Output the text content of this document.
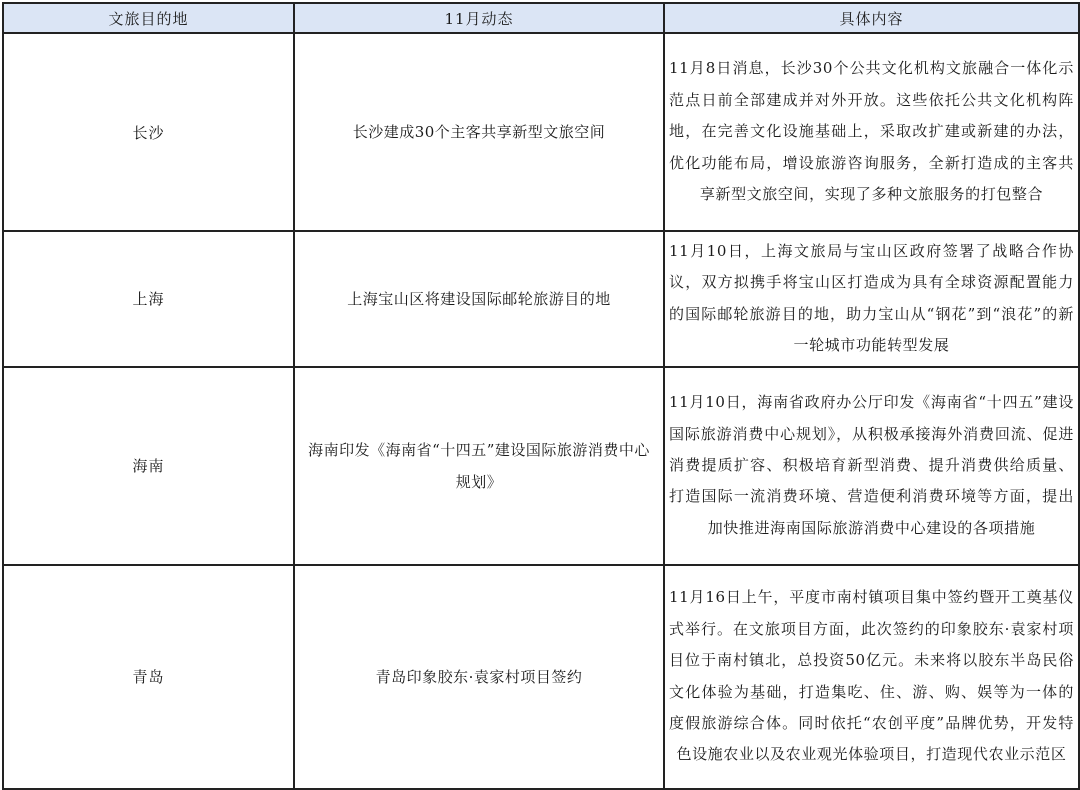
文旅目的地	11月动态	具体内容
长沙	长沙建成30个主客共享新型文旅空间	11月8日消息，长沙30个公共文化机构文旅融合一体化示范点日前全部建成并对外开放。这些依托公共文化机构阵地，在完善文化设施基础上，采取改扩建或新建的办法，优化功能布局，增设旅游咨询服务，全新打造成的主客共享新型文旅空间，实现了多种文旅服务的打包整合
上海	上海宝山区将建设国际邮轮旅游目的地	11月10日，上海文旅局与宝山区政府签署了战略合作协议，双方拟携手将宝山区打造成为具有全球资源配置能力的国际邮轮旅游目的地，助力宝山从“钢花”到“浪花”的新一轮城市功能转型发展
海南	海南印发《海南省“十四五”建设国际旅游消费中心规划》	11月10日，海南省政府办公厅印发《海南省“十四五”建设国际旅游消费中心规划》，从积极承接海外消费回流、促进消费提质扩容、积极培育新型消费、提升消费供给质量、打造国际一流消费环境、营造便利消费环境等方面，提出加快推进海南国际旅游消费中心建设的各项措施
青岛	青岛印象胶东·袁家村项目签约	11月16日上午，平度市南村镇项目集中签约暨开工奠基仪式举行。在文旅项目方面，此次签约的印象胶东·袁家村项目位于南村镇北，总投资50亿元。未来将以胶东半岛民俗文化体验为基础，打造集吃、住、游、购、娱等为一体的度假旅游综合体。同时依托“农创平度”品牌优势，开发特色设施农业以及农业观光体验项目，打造现代农业示范区
